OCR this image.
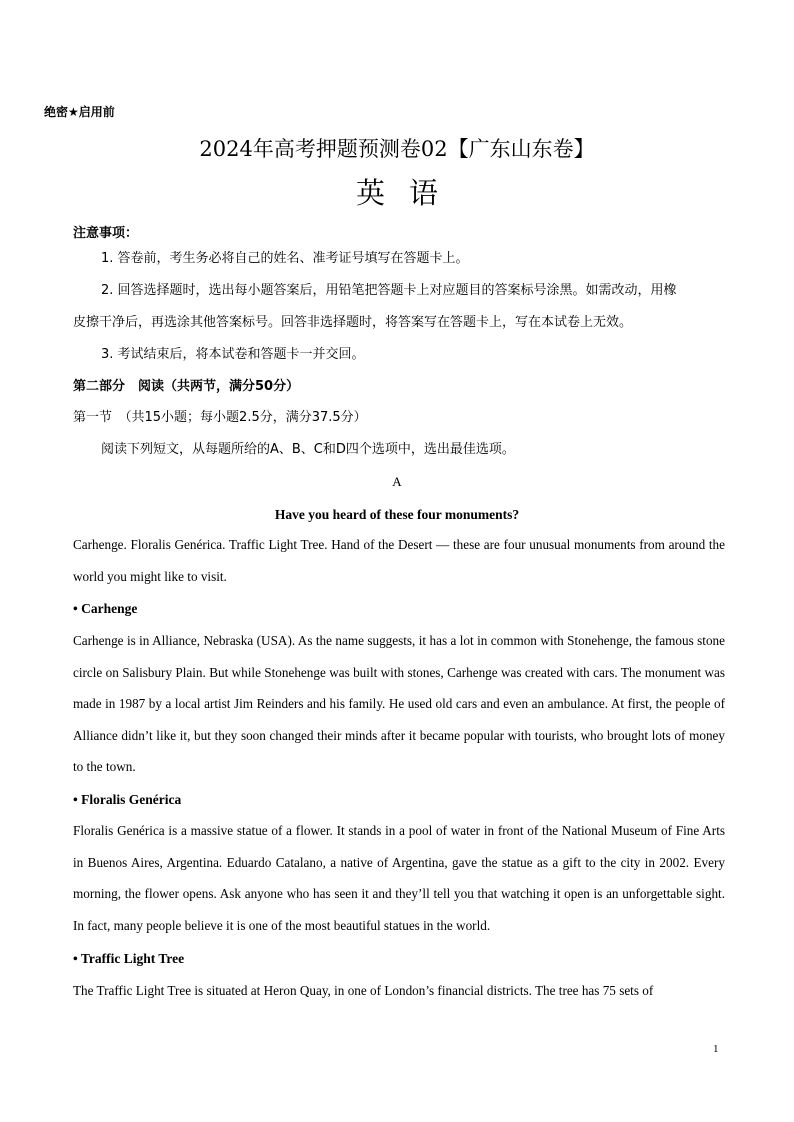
绝密★启用前
2024年高考押题预测卷02【广东山东卷】
英语
注意事项：
1. 答卷前，考生务必将自己的姓名、准考证号填写在答题卡上。
2. 回答选择题时，选出每小题答案后，用铅笔把答题卡上对应题目的答案标号涂黑。如需改动，用橡
皮擦干净后，再选涂其他答案标号。回答非选择题时，将答案写在答题卡上，写在本试卷上无效。
3. 考试结束后，将本试卷和答题卡一并交回。
第二部分　阅读（共两节，满分50分）
第一节　（共15小题；每小题2.5分，满分37.5分）
阅读下列短文，从每题所给的A、B、C和D四个选项中，选出最佳选项。
A
Have you heard of these four monuments?
Carhenge. Floralis Genérica. Traffic Light Tree. Hand of the Desert — these are four unusual monuments from around the world you might like to visit.
• Carhenge
Carhenge is in Alliance, Nebraska (USA). As the name suggests, it has a lot in common with Stonehenge, the famous stone circle on Salisbury Plain. But while Stonehenge was built with stones, Carhenge was created with cars. The monument was made in 1987 by a local artist Jim Reinders and his family. He used old cars and even an ambulance. At first, the people of Alliance didn’t like it, but they soon changed their minds after it became popular with tourists, who brought lots of money to the town.
• Floralis Genérica
Floralis Genérica is a massive statue of a flower. It stands in a pool of water in front of the National Museum of Fine Arts in Buenos Aires, Argentina. Eduardo Catalano, a native of Argentina, gave the statue as a gift to the city in 2002. Every morning, the flower opens. Ask anyone who has seen it and they’ll tell you that watching it open is an unforgettable sight. In fact, many people believe it is one of the most beautiful statues in the world.
• Traffic Light Tree
The Traffic Light Tree is situated at Heron Quay, in one of London’s financial districts. The tree has 75 sets of
1
